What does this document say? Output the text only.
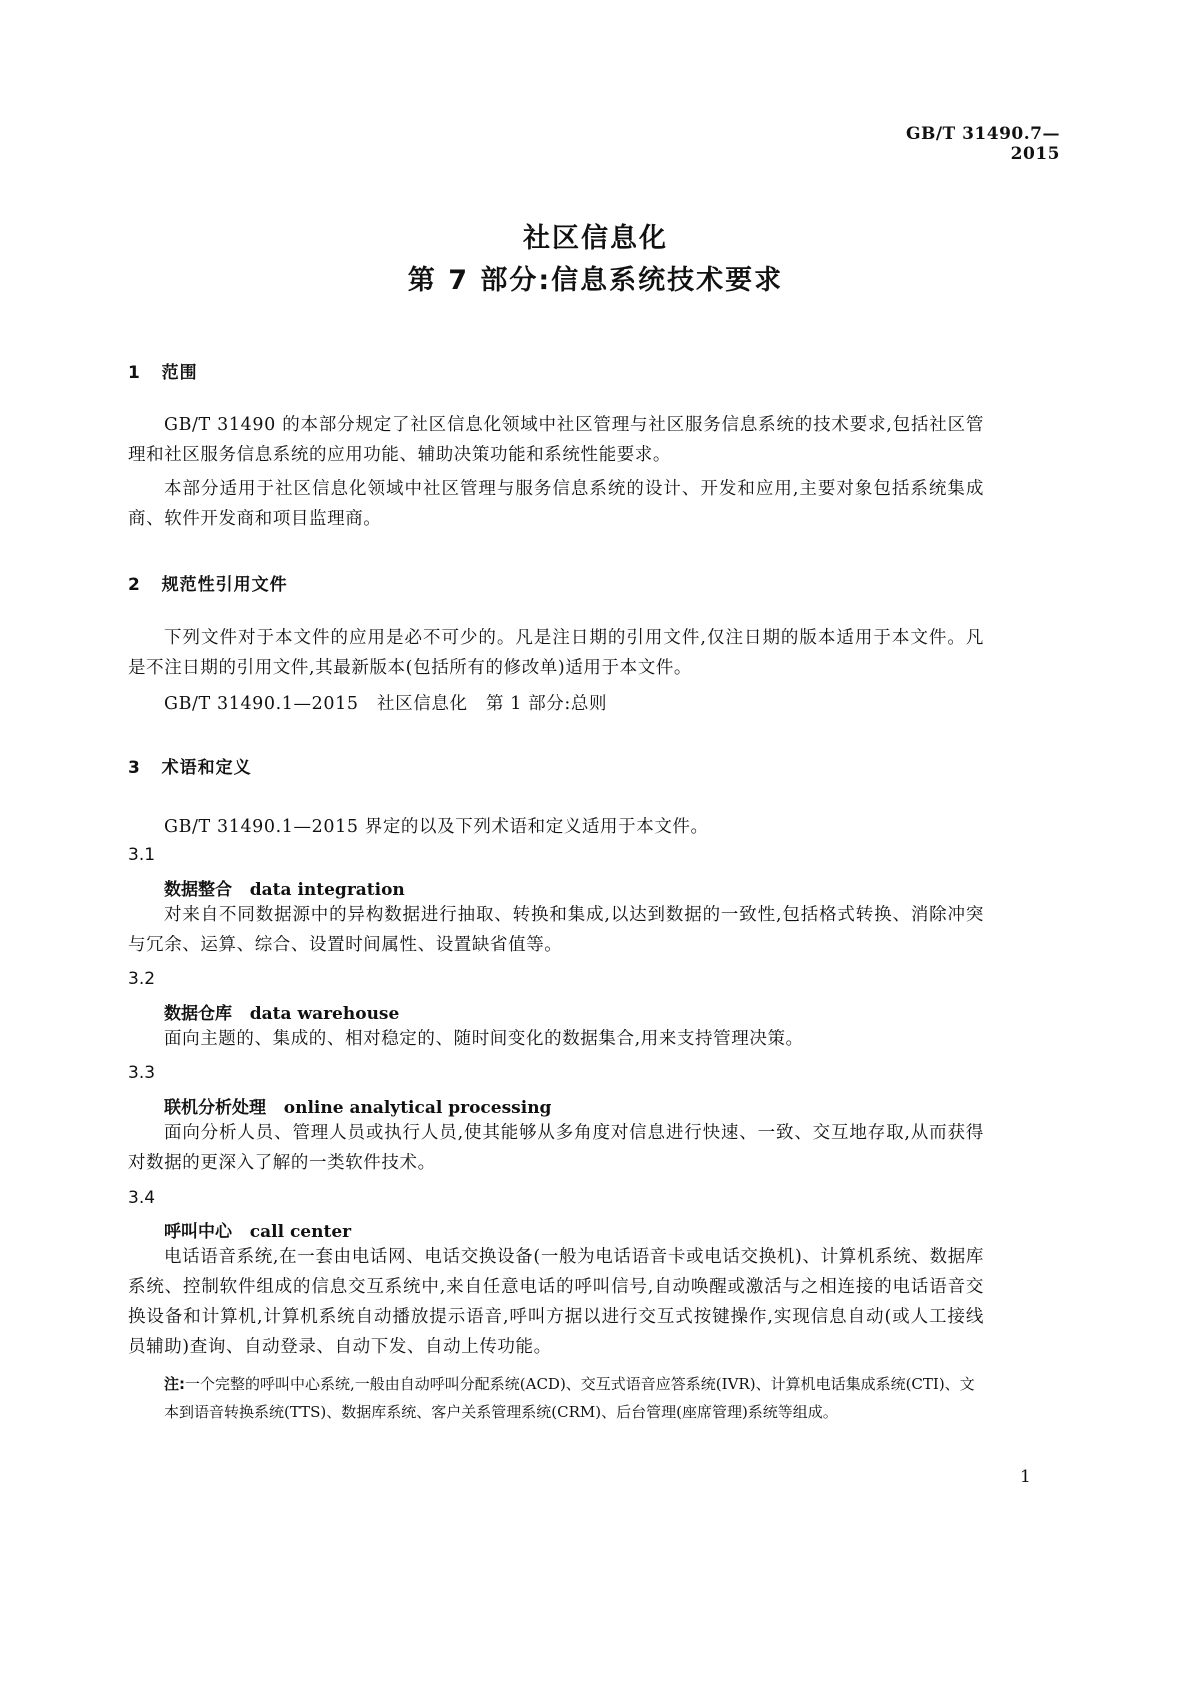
GB/T 31490.7—2015
社区信息化
第 7 部分:信息系统技术要求
1   范围
GB/T 31490 的本部分规定了社区信息化领域中社区管理与社区服务信息系统的技术要求,包括社区管理和社区服务信息系统的应用功能、辅助决策功能和系统性能要求。
本部分适用于社区信息化领域中社区管理与服务信息系统的设计、开发和应用,主要对象包括系统集成商、软件开发商和项目监理商。
2   规范性引用文件
下列文件对于本文件的应用是必不可少的。凡是注日期的引用文件,仅注日期的版本适用于本文件。凡是不注日期的引用文件,其最新版本(包括所有的修改单)适用于本文件。
GB/T 31490.1—2015   社区信息化   第 1 部分:总则
3   术语和定义
GB/T 31490.1—2015 界定的以及下列术语和定义适用于本文件。
3.1
数据整合   data integration
对来自不同数据源中的异构数据进行抽取、转换和集成,以达到数据的一致性,包括格式转换、消除冲突与冗余、运算、综合、设置时间属性、设置缺省值等。
3.2
数据仓库   data warehouse
面向主题的、集成的、相对稳定的、随时间变化的数据集合,用来支持管理决策。
3.3
联机分析处理   online analytical processing
面向分析人员、管理人员或执行人员,使其能够从多角度对信息进行快速、一致、交互地存取,从而获得对数据的更深入了解的一类软件技术。
3.4
呼叫中心   call center
电话语音系统,在一套由电话网、电话交换设备(一般为电话语音卡或电话交换机)、计算机系统、数据库系统、控制软件组成的信息交互系统中,来自任意电话的呼叫信号,自动唤醒或激活与之相连接的电话语音交换设备和计算机,计算机系统自动播放提示语音,呼叫方据以进行交互式按键操作,实现信息自动(或人工接线员辅助)查询、自动登录、自动下发、自动上传功能。
注:一个完整的呼叫中心系统,一般由自动呼叫分配系统(ACD)、交互式语音应答系统(IVR)、计算机电话集成系统(CTI)、文本到语音转换系统(TTS)、数据库系统、客户关系管理系统(CRM)、后台管理(座席管理)系统等组成。
1
